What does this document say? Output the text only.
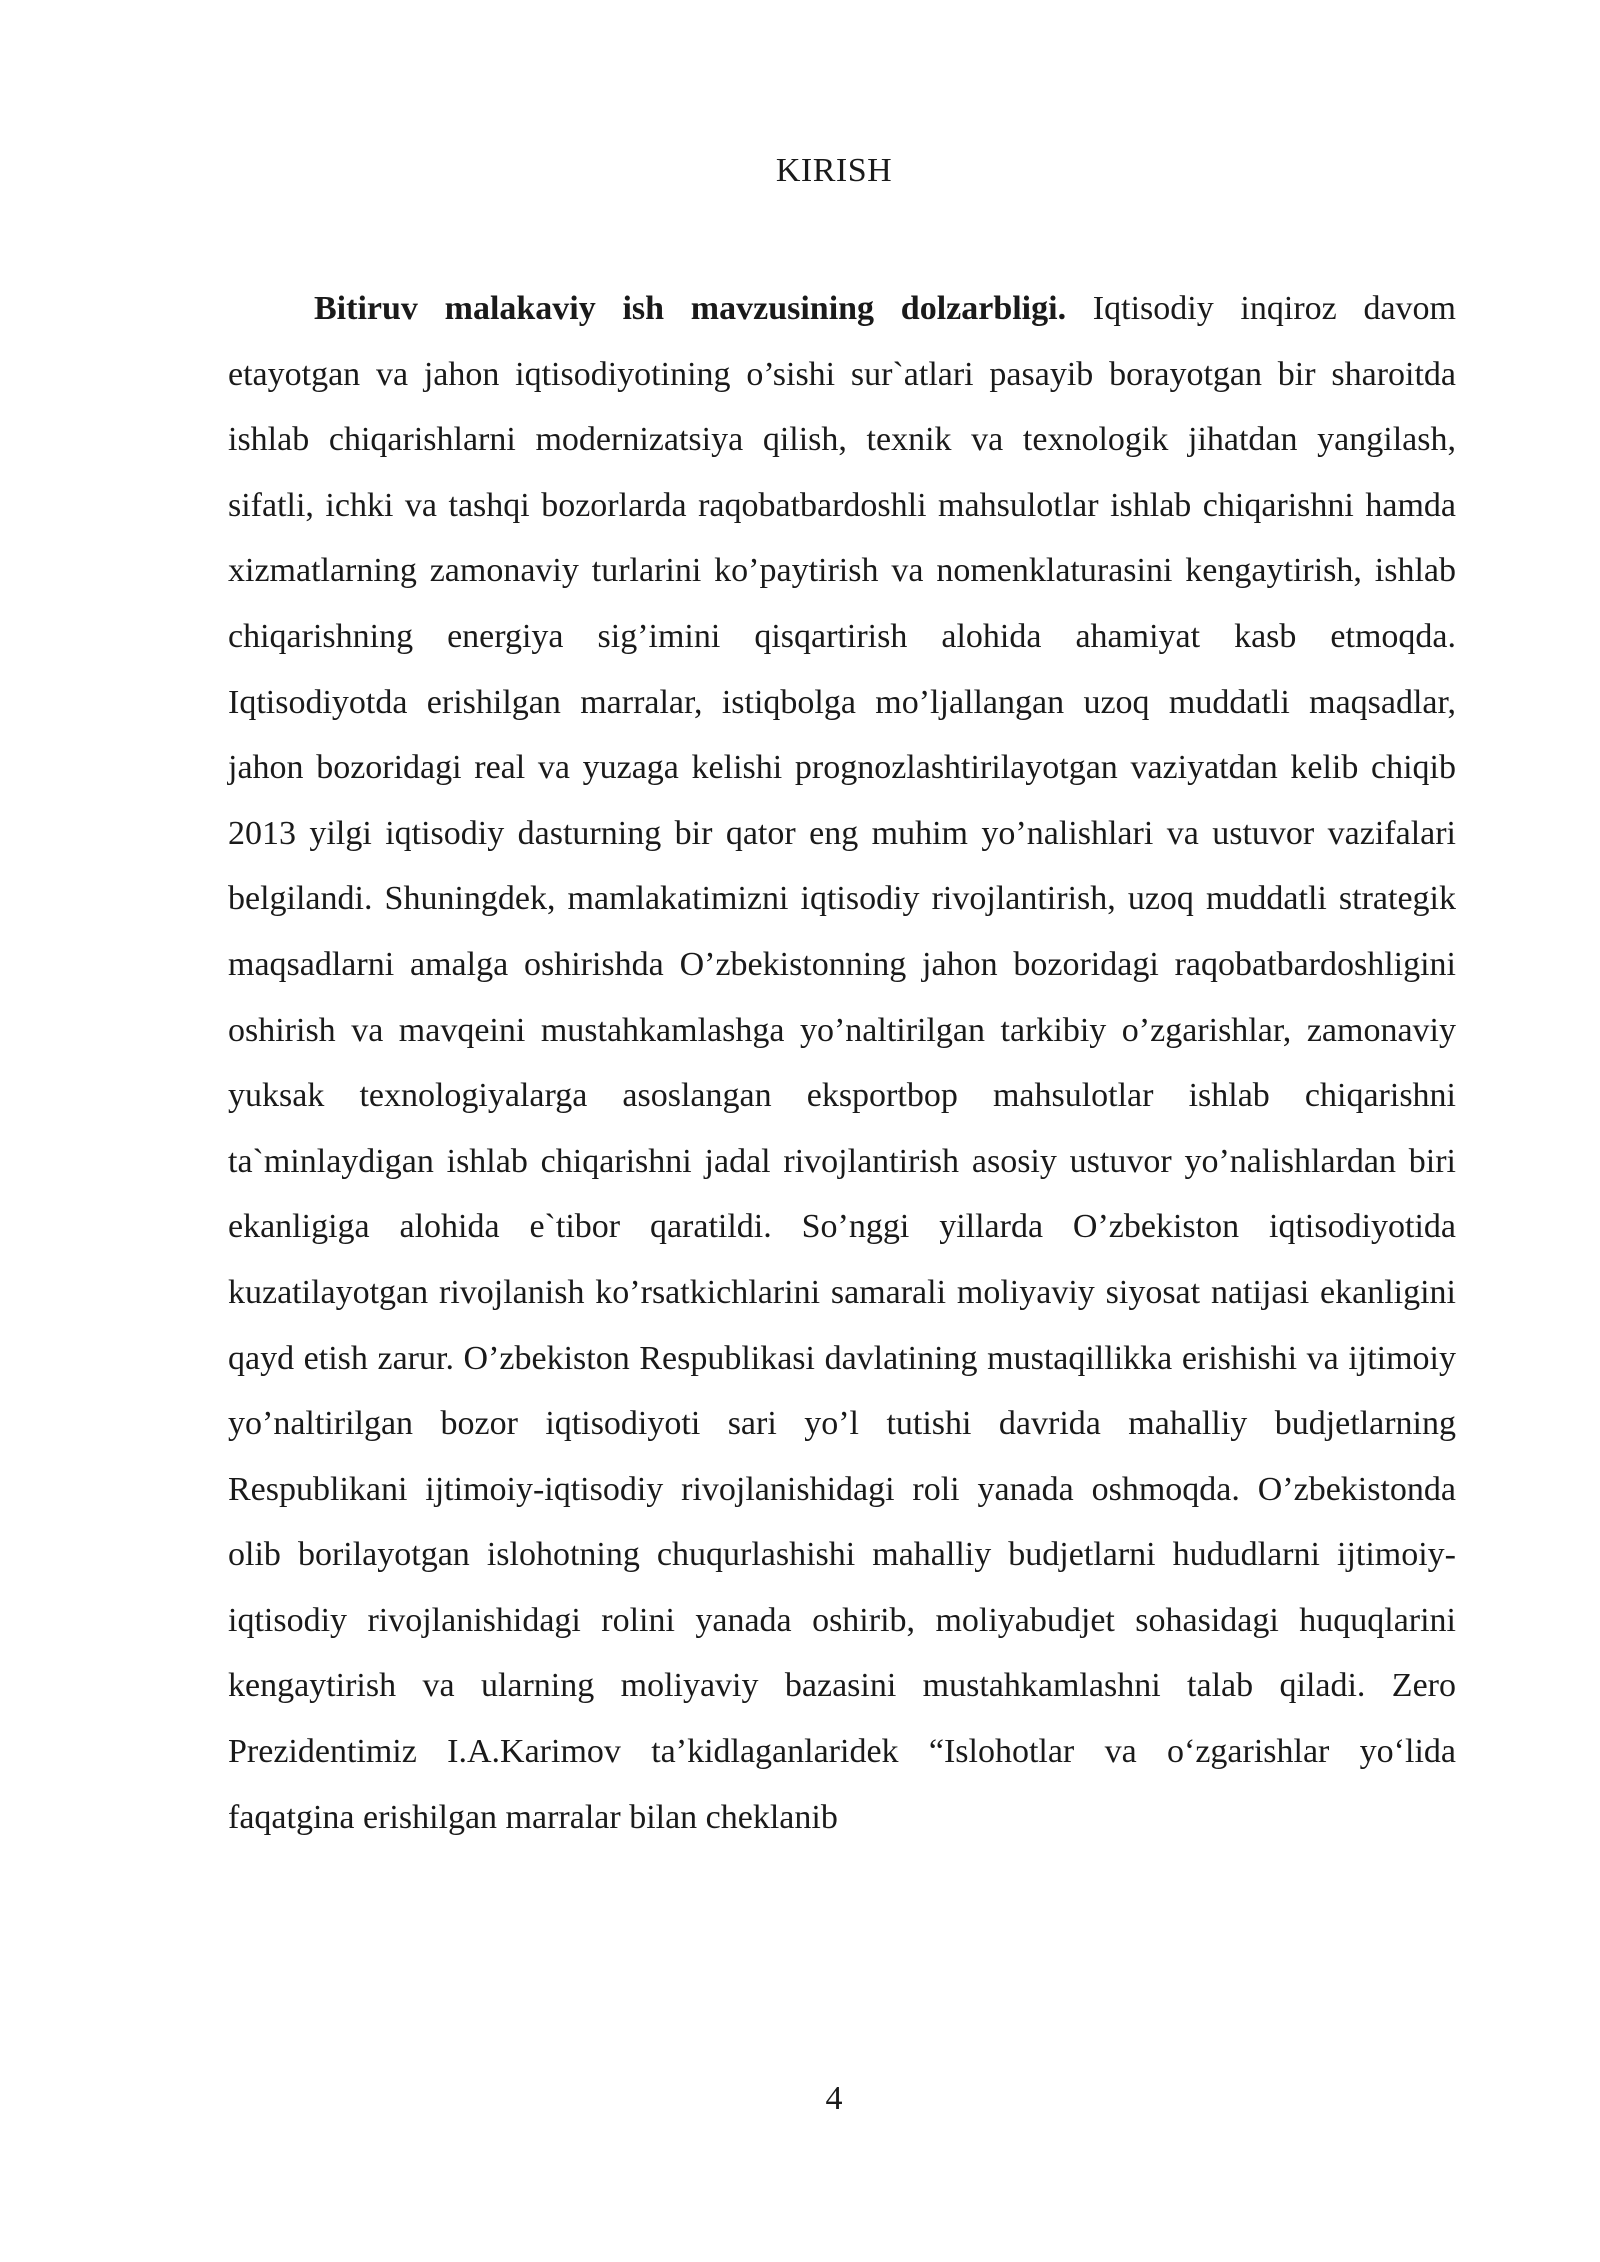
KIRISH

Bitiruv malakaviy ish mavzusining dolzarbligi. Iqtisodiy inqiroz davom etayotgan va jahon iqtisodiyotining o’sishi sur`atlari pasayib borayotgan bir sharoitda ishlab chiqarishlarni modernizatsiya qilish, texnik va texnologik jihatdan yangilash, sifatli, ichki va tashqi bozorlarda raqobatbardoshli mahsulotlar ishlab chiqarishni hamda xizmatlarning zamonaviy turlarini ko’paytirish va nomenklaturasini kengaytirish, ishlab chiqarishning energiya sig’imini qisqartirish alohida ahamiyat kasb etmoqda. Iqtisodiyotda erishilgan marralar, istiqbolga mo’ljallangan uzoq muddatli maqsadlar, jahon bozoridagi real va yuzaga kelishi prognozlashtirilayotgan vaziyatdan kelib chiqib 2013 yilgi iqtisodiy dasturning bir qator eng muhim yo’nalishlari va ustuvor vazifalari belgilandi. Shuningdek, mamlakatimizni iqtisodiy rivojlantirish, uzoq muddatli strategik maqsadlarni amalga oshirishda O’zbekistonning jahon bozoridagi raqobatbardoshligini oshirish va mavqeini mustahkamlashga yo’naltirilgan tarkibiy o’zgarishlar, zamonaviy yuksak texnologiyalarga asoslangan eksportbop mahsulotlar ishlab chiqarishni ta`minlaydigan ishlab chiqarishni jadal rivojlantirish asosiy ustuvor yo’nalishlardan biri ekanligiga alohida e`tibor qaratildi. So’nggi yillarda O’zbekiston iqtisodiyotida kuzatilayotgan rivojlanish ko’rsatkichlarini samarali moliyaviy siyosat natijasi ekanligini qayd etish zarur. O’zbekiston Respublikasi davlatining mustaqillikka erishishi va ijtimoiy yo’naltirilgan bozor iqtisodiyoti sari yo’l tutishi davrida mahalliy budjetlarning Respublikani ijtimoiy-iqtisodiy rivojlanishidagi roli yanada oshmoqda. O’zbekistonda olib borilayotgan islohotning chuqurlashishi mahalliy budjetlarni hududlarni ijtimoiy-iqtisodiy rivojlanishidagi rolini yanada oshirib, moliyabudjet sohasidagi huquqlarini kengaytirish va ularning moliyaviy bazasini mustahkamlashni talab qiladi. Zero Prezidentimiz I.A.Karimov ta’kidlaganlaridek “Islohotlar va o‘zgarishlar yo‘lida faqatgina erishilgan marralar bilan cheklanib

4
